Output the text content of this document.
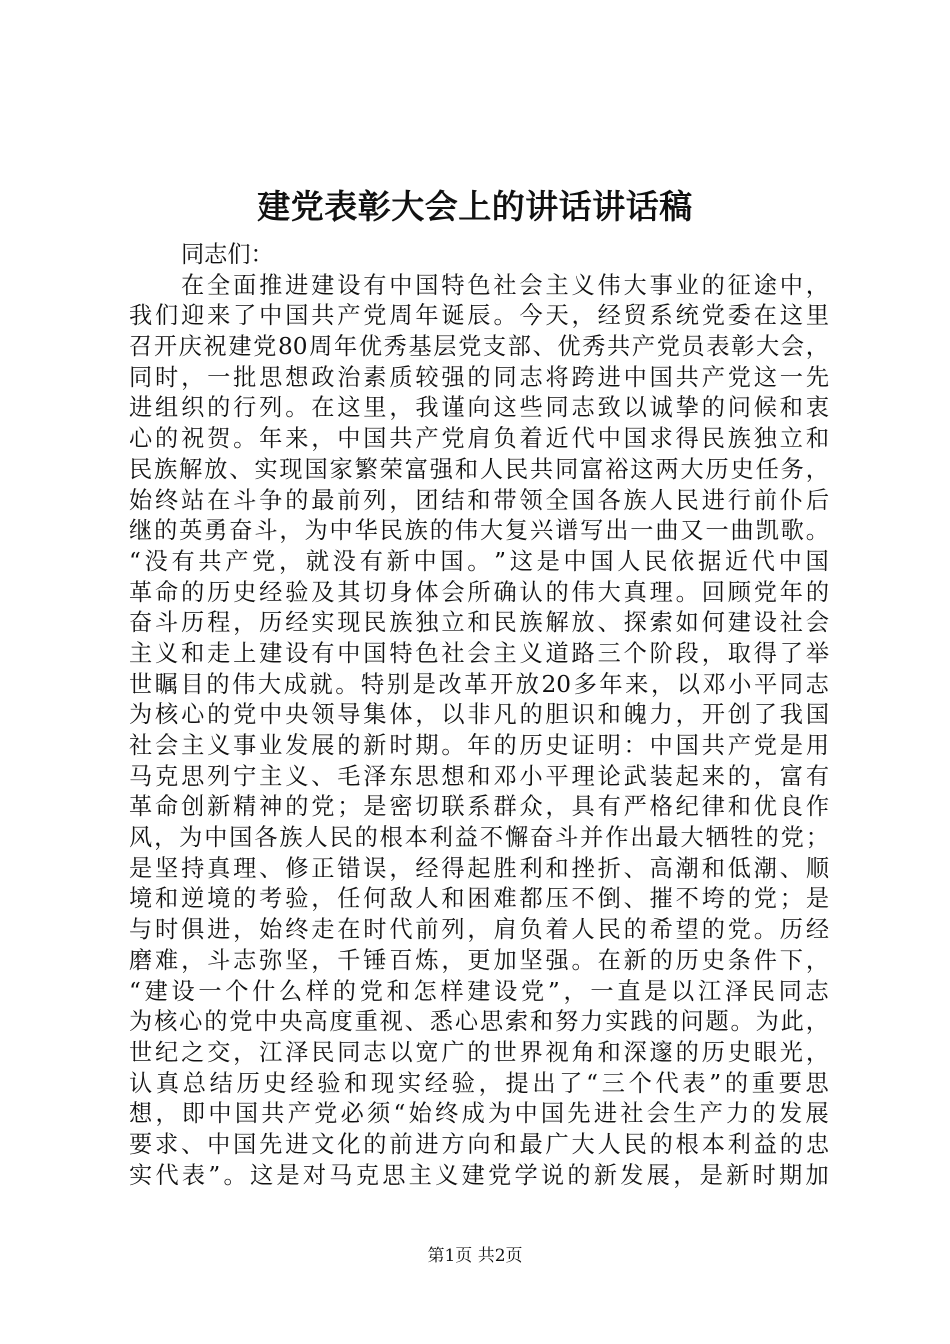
建党表彰大会上的讲话讲话稿
同志们：
在 全 面 推 进 建 设 有 中 国 特 色 社 会 主 义 伟 大 事 业 的 征 途 中 ，
我 们 迎 来 了 中 国 共 产 党 周 年 诞 辰 。 今 天 ， 经 贸 系 统 党 委 在 这 里
召 开 庆 祝 建 党 80 周 年 优 秀 基 层 党 支 部 、 优 秀 共 产 党 员 表 彰 大 会 ，
同 时 ， 一 批 思 想 政 治 素 质 较 强 的 同 志 将 跨 进 中 国 共 产 党 这 一 先
进 组 织 的 行 列 。 在 这 里 ， 我 谨 向 这 些 同 志 致 以 诚 挚 的 问 候 和 衷
心 的 祝 贺 。 年 来 ， 中 国 共 产 党 肩 负 着 近 代 中 国 求 得 民 族 独 立 和
民 族 解 放 、 实 现 国 家 繁 荣 富 强 和 人 民 共 同 富 裕 这 两 大 历 史 任 务 ，
始 终 站 在 斗 争 的 最 前 列 ， 团 结 和 带 领 全 国 各 族 人 民 进 行 前 仆 后
继 的 英 勇 奋 斗 ， 为 中 华 民 族 的 伟 大 复 兴 谱 写 出 一 曲 又 一 曲 凯 歌 。
“ 没 有 共 产 党 ， 就 没 有 新 中 国 。 ” 这 是 中 国 人 民 依 据 近 代 中 国
革 命 的 历 史 经 验 及 其 切 身 体 会 所 确 认 的 伟 大 真 理 。 回 顾 党 年 的
奋 斗 历 程 ， 历 经 实 现 民 族 独 立 和 民 族 解 放 、 探 索 如 何 建 设 社 会
主 义 和 走 上 建 设 有 中 国 特 色 社 会 主 义 道 路 三 个 阶 段 ， 取 得 了 举
世 瞩 目 的 伟 大 成 就 。 特 别 是 改 革 开 放 20 多 年 来 ， 以 邓 小 平 同 志
为 核 心 的 党 中 央 领 导 集 体 ， 以 非 凡 的 胆 识 和 魄 力 ， 开 创 了 我 国
社 会 主 义 事 业 发 展 的 新 时 期 。 年 的 历 史 证 明 ： 中 国 共 产 党 是 用
马 克 思 列 宁 主 义 、 毛 泽 东 思 想 和 邓 小 平 理 论 武 装 起 来 的 ， 富 有
革 命 创 新 精 神 的 党 ； 是 密 切 联 系 群 众 ， 具 有 严 格 纪 律 和 优 良 作
风 ， 为 中 国 各 族 人 民 的 根 本 利 益 不 懈 奋 斗 并 作 出 最 大 牺 牲 的 党 ；
是 坚 持 真 理 、 修 正 错 误 ， 经 得 起 胜 利 和 挫 折 、 高 潮 和 低 潮 、 顺
境 和 逆 境 的 考 验 ， 任 何 敌 人 和 困 难 都 压 不 倒 、 摧 不 垮 的 党 ； 是
与 时 俱 进 ， 始 终 走 在 时 代 前 列 ， 肩 负 着 人 民 的 希 望 的 党 。 历 经
磨 难 ， 斗 志 弥 坚 ， 千 锤 百 炼 ， 更 加 坚 强 。 在 新 的 历 史 条 件 下 ，
“ 建 设 一 个 什 么 样 的 党 和 怎 样 建 设 党 ” ， 一 直 是 以 江 泽 民 同 志
为 核 心 的 党 中 央 高 度 重 视 、 悉 心 思 索 和 努 力 实 践 的 问 题 。 为 此 ，
世 纪 之 交 ， 江 泽 民 同 志 以 宽 广 的 世 界 视 角 和 深 邃 的 历 史 眼 光 ，
认 真 总 结 历 史 经 验 和 现 实 经 验 ， 提 出 了 “ 三 个 代 表 ” 的 重 要 思
想 ， 即 中 国 共 产 党 必 须 “ 始 终 成 为 中 国 先 进 社 会 生 产 力 的 发 展
要 求 、 中 国 先 进 文 化 的 前 进 方 向 和 最 广 大 人 民 的 根 本 利 益 的 忠
实 代 表 ” 。 这 是 对 马 克 思 主 义 建 党 学 说 的 新 发 展 ， 是 新 时 期 加
第1页 共2页
